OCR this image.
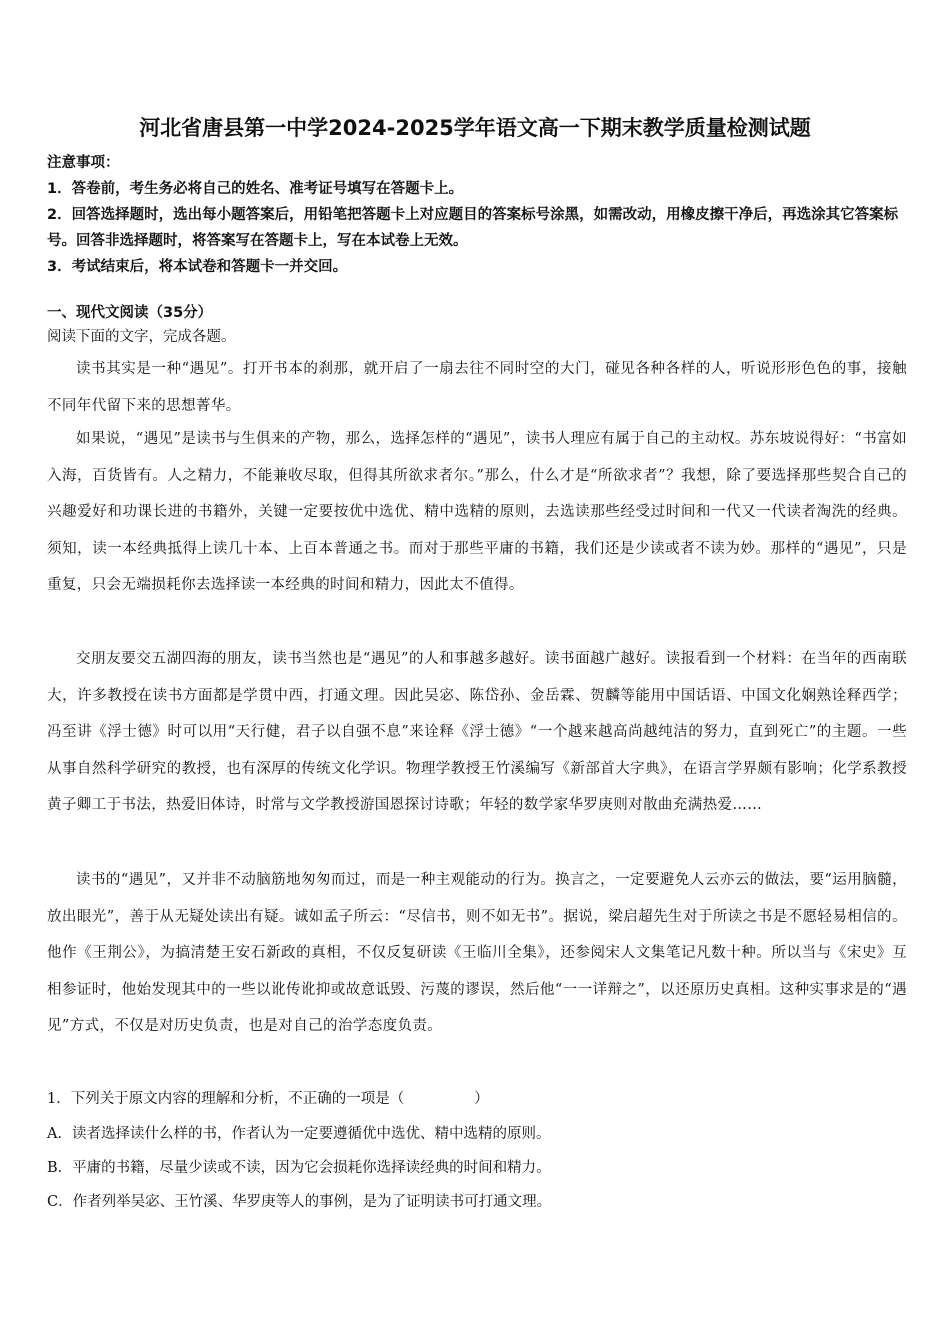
河北省唐县第一中学2024-2025学年语文高一下期末教学质量检测试题
注意事项：
1．答卷前，考生务必将自己的姓名、准考证号填写在答题卡上。
2．回答选择题时，选出每小题答案后，用铅笔把答题卡上对应题目的答案标号涂黑，如需改动，用橡皮擦干净后，再选涂其它答案标号。回答非选择题时，将答案写在答题卡上，写在本试卷上无效。
3．考试结束后，将本试卷和答题卡一并交回。
一、现代文阅读（35分）
阅读下面的文字，完成各题。
读书其实是一种“遇见”。打开书本的刹那，就开启了一扇去往不同时空的大门，碰见各种各样的人，听说形形色色的事，接触不同年代留下来的思想菁华。
如果说，“遇见”是读书与生俱来的产物，那么，选择怎样的“遇见”，读书人理应有属于自己的主动权。苏东坡说得好：“书富如入海，百货皆有。人之精力，不能兼收尽取，但得其所欲求者尔。”那么，什么才是“所欲求者”？我想，除了要选择那些契合自己的兴趣爱好和功课长进的书籍外，关键一定要按优中选优、精中选精的原则，去选读那些经受过时间和一代又一代读者淘洗的经典。须知，读一本经典抵得上读几十本、上百本普通之书。而对于那些平庸的书籍，我们还是少读或者不读为妙。那样的“遇见”，只是重复，只会无端损耗你去选择读一本经典的时间和精力，因此太不值得。
交朋友要交五湖四海的朋友，读书当然也是“遇见”的人和事越多越好。读书面越广越好。读报看到一个材料：在当年的西南联大，许多教授在读书方面都是学贯中西，打通文理。因此吴宓、陈岱孙、金岳霖、贺麟等能用中国话语、中国文化娴熟诠释西学；冯至讲《浮士德》时可以用“天行健，君子以自强不息”来诠释《浮士德》“一个越来越高尚越纯洁的努力，直到死亡”的主题。一些从事自然科学研究的教授，也有深厚的传统文化学识。物理学教授王竹溪编写《新部首大字典》，在语言学界颇有影响；化学系教授黄子卿工于书法，热爱旧体诗，时常与文学教授游国恩探讨诗歌；年轻的数学家华罗庚则对散曲充满热爱……
读书的“遇见”，又并非不动脑筋地匆匆而过，而是一种主观能动的行为。换言之，一定要避免人云亦云的做法，要“运用脑髓，放出眼光”，善于从无疑处读出有疑。诚如孟子所云：“尽信书，则不如无书”。据说，梁启超先生对于所读之书是不愿轻易相信的。他作《王荆公》，为搞清楚王安石新政的真相，不仅反复研读《王临川全集》，还参阅宋人文集笔记凡数十种。所以当与《宋史》互相参证时，他始发现其中的一些以讹传讹抑或故意诋毁、污蔑的谬误，然后他“一一详辩之”，以还原历史真相。这种实事求是的“遇见”方式，不仅是对历史负责，也是对自己的治学态度负责。
1．下列关于原文内容的理解和分析，不正确的一项是（	）
A．读者选择读什么样的书，作者认为一定要遵循优中选优、精中选精的原则。
B．平庸的书籍，尽量少读或不读，因为它会损耗你选择读经典的时间和精力。
C．作者列举吴宓、王竹溪、华罗庚等人的事例，是为了证明读书可打通文理。
